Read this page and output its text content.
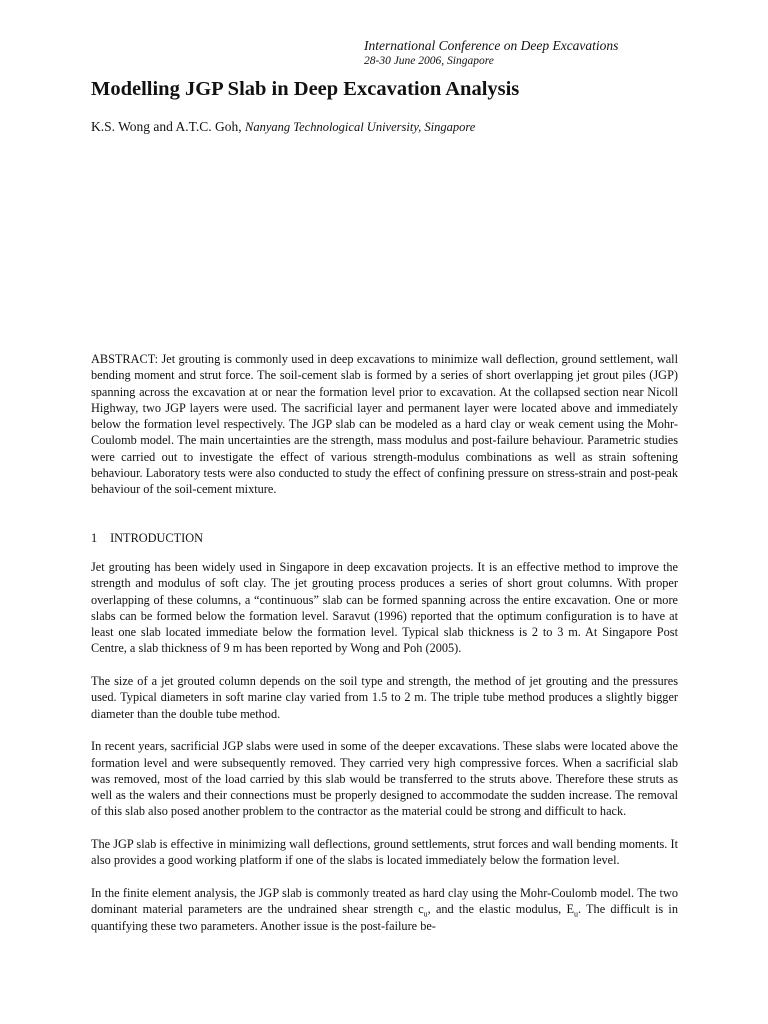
International Conference on Deep Excavations
28-30 June 2006, Singapore
Modelling JGP Slab in Deep Excavation Analysis
K.S. Wong and A.T.C. Goh, Nanyang Technological University, Singapore

ABSTRACT: Jet grouting is commonly used in deep excavations to minimize wall deflection, ground settlement, wall bending moment and strut force. The soil-cement slab is formed by a series of short overlapping jet grout piles (JGP) spanning across the excavation at or near the formation level prior to excavation. At the collapsed section near Nicoll Highway, two JGP layers were used. The sacrificial layer and permanent layer were located above and immediately below the formation level respectively. The JGP slab can be modeled as a hard clay or weak cement using the Mohr-Coulomb model. The main uncertainties are the strength, mass modulus and post-failure behaviour. Parametric studies were carried out to investigate the effect of various strength-modulus combinations as well as strain softening behaviour. Laboratory tests were also conducted to study the effect of confining pressure on stress-strain and post-peak behaviour of the soil-cement mixture.

1 INTRODUCTION

Jet grouting has been widely used in Singapore in deep excavation projects. It is an effective method to improve the strength and modulus of soft clay. The jet grouting process produces a series of short grout columns. With proper overlapping of these columns, a “continuous” slab can be formed spanning across the entire excavation. One or more slabs can be formed below the formation level. Saravut (1996) reported that the optimum configuration is to have at least one slab located immediate below the formation level. Typical slab thickness is 2 to 3 m. At Singapore Post Centre, a slab thickness of 9 m has been reported by Wong and Poh (2005).

The size of a jet grouted column depends on the soil type and strength, the method of jet grouting and the pressures used. Typical diameters in soft marine clay varied from 1.5 to 2 m. The triple tube method produces a slightly bigger diameter than the double tube method.

In recent years, sacrificial JGP slabs were used in some of the deeper excavations. These slabs were located above the formation level and were subsequently removed. They carried very high compressive forces. When a sacrificial slab was removed, most of the load carried by this slab would be transferred to the struts above. Therefore these struts as well as the walers and their connections must be properly designed to accommodate the sudden increase. The removal of this slab also posed another problem to the contractor as the material could be strong and difficult to hack.

The JGP slab is effective in minimizing wall deflections, ground settlements, strut forces and wall bending moments. It also provides a good working platform if one of the slabs is located immediately below the formation level.

In the finite element analysis, the JGP slab is commonly treated as hard clay using the Mohr-Coulomb model. The two dominant material parameters are the undrained shear strength $c_u$, and the elastic modulus, $E_u$. The difficult is in quantifying these two parameters. Another issue is the post-failure be-
